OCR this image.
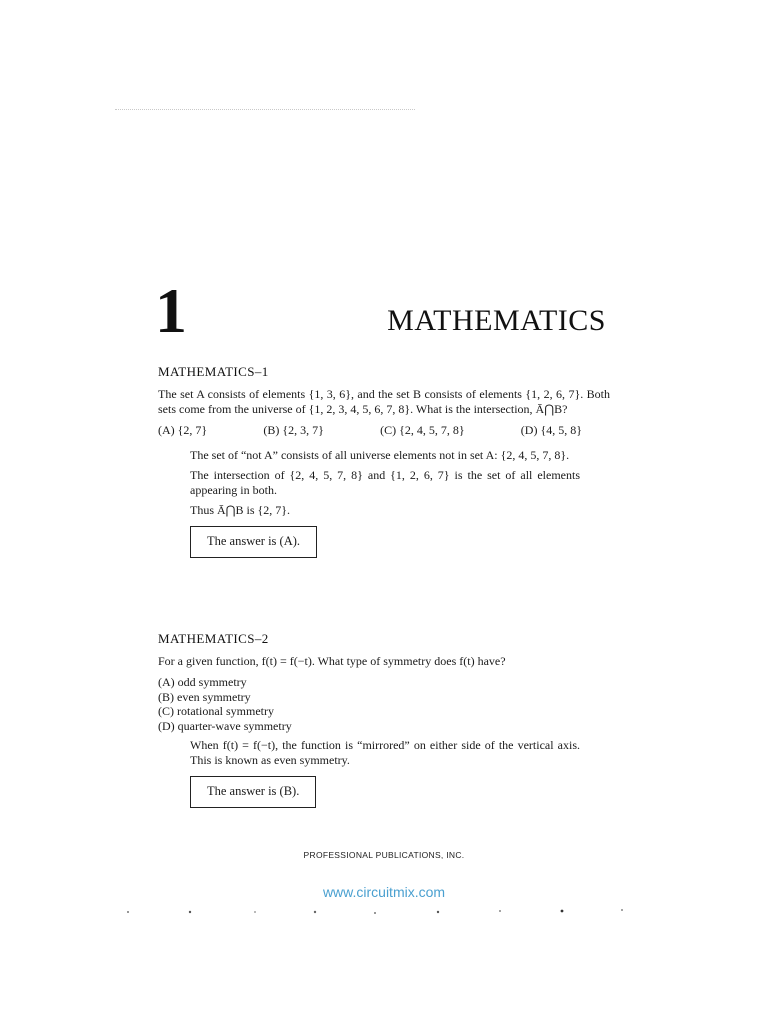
1	MATHEMATICS
MATHEMATICS–1

The set A consists of elements {1, 3, 6}, and the set B consists of elements {1, 2, 6, 7}. Both sets come from the universe of {1, 2, 3, 4, 5, 6, 7, 8}. What is the intersection, Ā⋂B?

(A) {2, 7}	(B) {2, 3, 7}	(C) {2, 4, 5, 7, 8}	(D) {4, 5, 8}

The set of “not A” consists of all universe elements not in set A: {2, 4, 5, 7, 8}.

The intersection of {2, 4, 5, 7, 8} and {1, 2, 6, 7} is the set of all elements appearing in both.

Thus Ā⋂B is {2, 7}.

The answer is (A).
MATHEMATICS–2

For a given function, f(t) = f(−t). What type of symmetry does f(t) have?

(A) odd symmetry
(B) even symmetry
(C) rotational symmetry
(D) quarter-wave symmetry

When f(t) = f(−t), the function is “mirrored” on either side of the vertical axis. This is known as even symmetry.

The answer is (B).
PROFESSIONAL PUBLICATIONS, INC.
www.circuitmix.com
